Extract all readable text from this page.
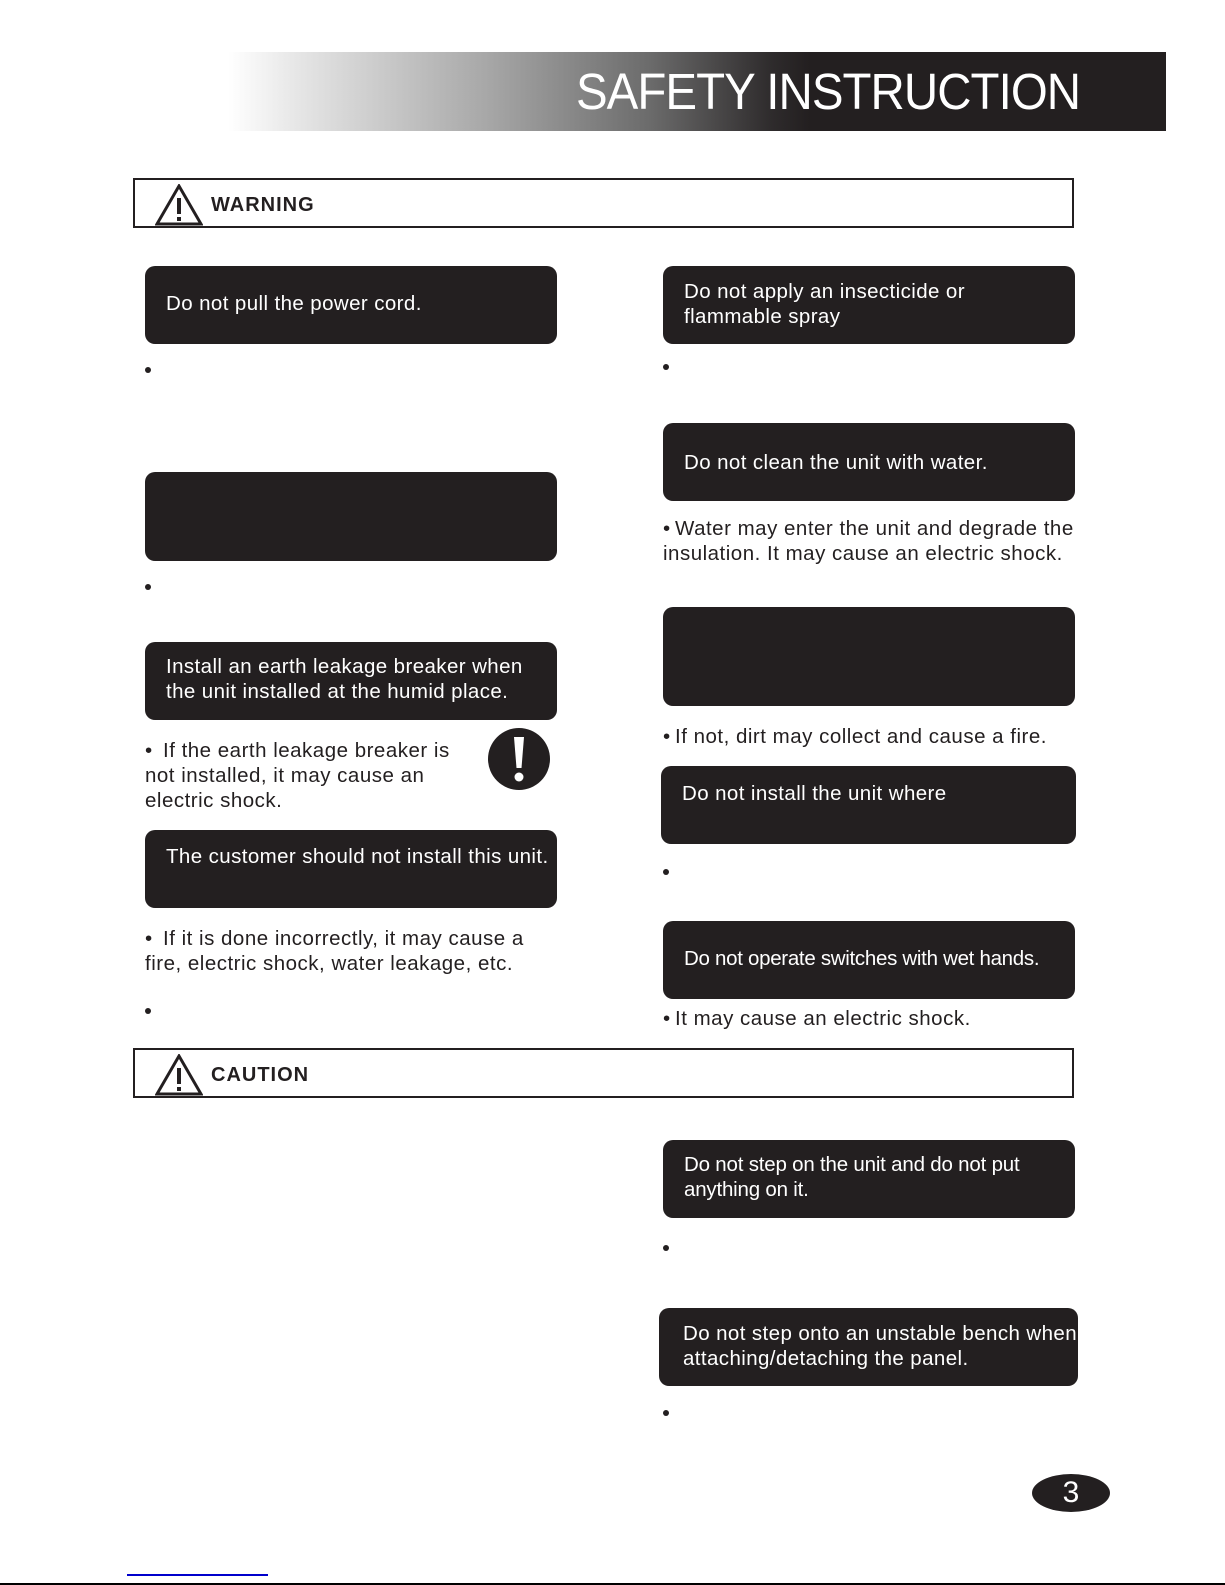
SAFETY INSTRUCTION
WARNING
Do not pull the power cord.
Install an earth leakage breaker when the unit installed at the humid place.
• If the earth leakage breaker is not installed, it may cause an electric shock.
The customer should not install this unit.
• If it is done incorrectly, it may cause a fire, electric shock, water leakage, etc.
Do not apply an insecticide or flammable spray
Do not clean the unit with water.
• Water may enter the unit and degrade the insulation. It may cause an electric shock.
• If not, dirt may collect and cause a fire.
Do not install the unit where
Do not operate switches with wet hands.
• It may cause an electric shock.
CAUTION
Do not step on the unit and do not put anything on it.
Do not step onto an unstable bench when attaching/detaching the panel.
3
